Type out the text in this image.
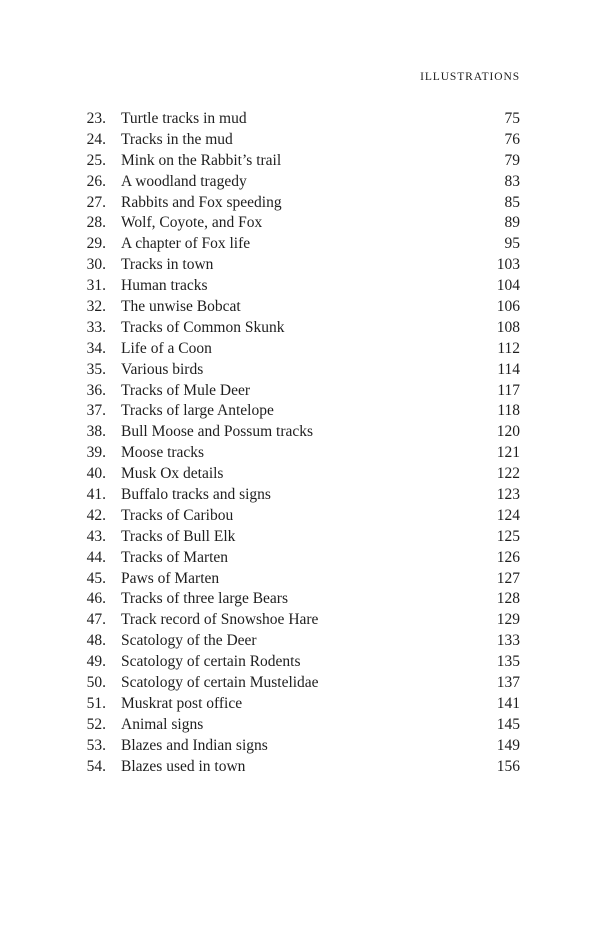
ILLUSTRATIONS
23. Turtle tracks in mud	75
24. Tracks in the mud	76
25. Mink on the Rabbit’s trail	79
26. A woodland tragedy	83
27. Rabbits and Fox speeding	85
28. Wolf, Coyote, and Fox	89
29. A chapter of Fox life	95
30. Tracks in town	103
31. Human tracks	104
32. The unwise Bobcat	106
33. Tracks of Common Skunk	108
34. Life of a Coon	112
35. Various birds	114
36. Tracks of Mule Deer	117
37. Tracks of large Antelope	118
38. Bull Moose and Possum tracks	120
39. Moose tracks	121
40. Musk Ox details	122
41. Buffalo tracks and signs	123
42. Tracks of Caribou	124
43. Tracks of Bull Elk	125
44. Tracks of Marten	126
45. Paws of Marten	127
46. Tracks of three large Bears	128
47. Track record of Snowshoe Hare	129
48. Scatology of the Deer	133
49. Scatology of certain Rodents	135
50. Scatology of certain Mustelidae	137
51. Muskrat post office	141
52. Animal signs	145
53. Blazes and Indian signs	149
54. Blazes used in town	156
